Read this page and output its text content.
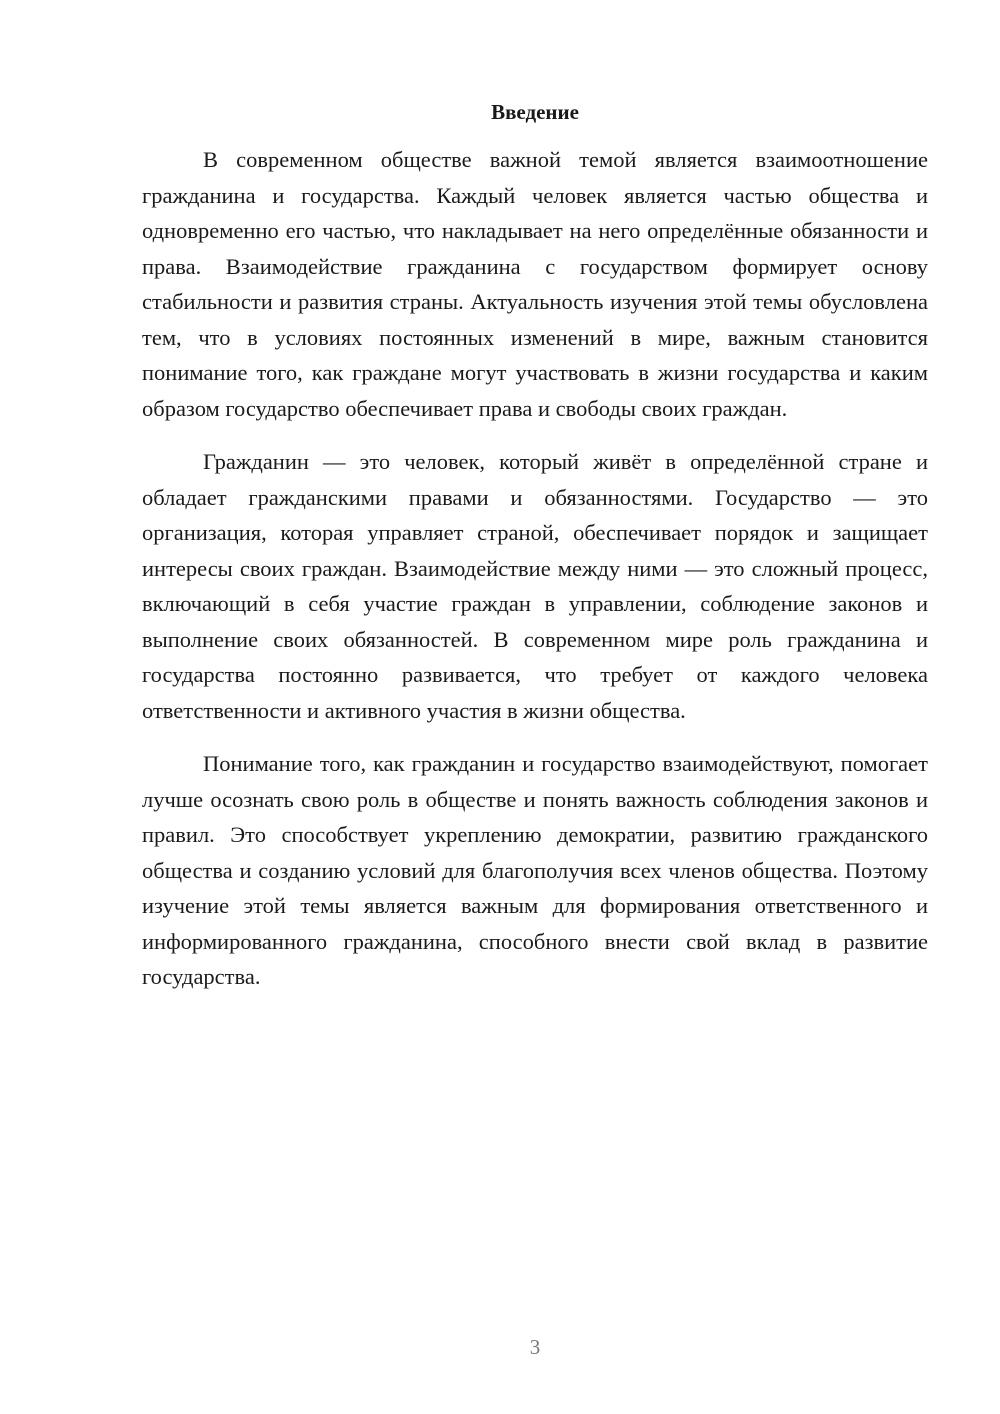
Введение

В современном обществе важной темой является взаимоотношение гражданина и государства. Каждый человек является частью общества и одновременно его частью, что накладывает на него определённые обязанности и права. Взаимодействие гражданина с государством формирует основу стабильности и развития страны. Актуальность изучения этой темы обусловлена тем, что в условиях постоянных изменений в мире, важным становится понимание того, как граждане могут участвовать в жизни государства и каким образом государство обеспечивает права и свободы своих граждан.

Гражданин — это человек, который живёт в определённой стране и обладает гражданскими правами и обязанностями. Государство — это организация, которая управляет страной, обеспечивает порядок и защищает интересы своих граждан. Взаимодействие между ними — это сложный процесс, включающий в себя участие граждан в управлении, соблюдение законов и выполнение своих обязанностей. В современном мире роль гражданина и государства постоянно развивается, что требует от каждого человека ответственности и активного участия в жизни общества.

Понимание того, как гражданин и государство взаимодействуют, помогает лучше осознать свою роль в обществе и понять важность соблюдения законов и правил. Это способствует укреплению демократии, развитию гражданского общества и созданию условий для благополучия всех членов общества. Поэтому изучение этой темы является важным для формирования ответственного и информированного гражданина, способного внести свой вклад в развитие государства.

3
